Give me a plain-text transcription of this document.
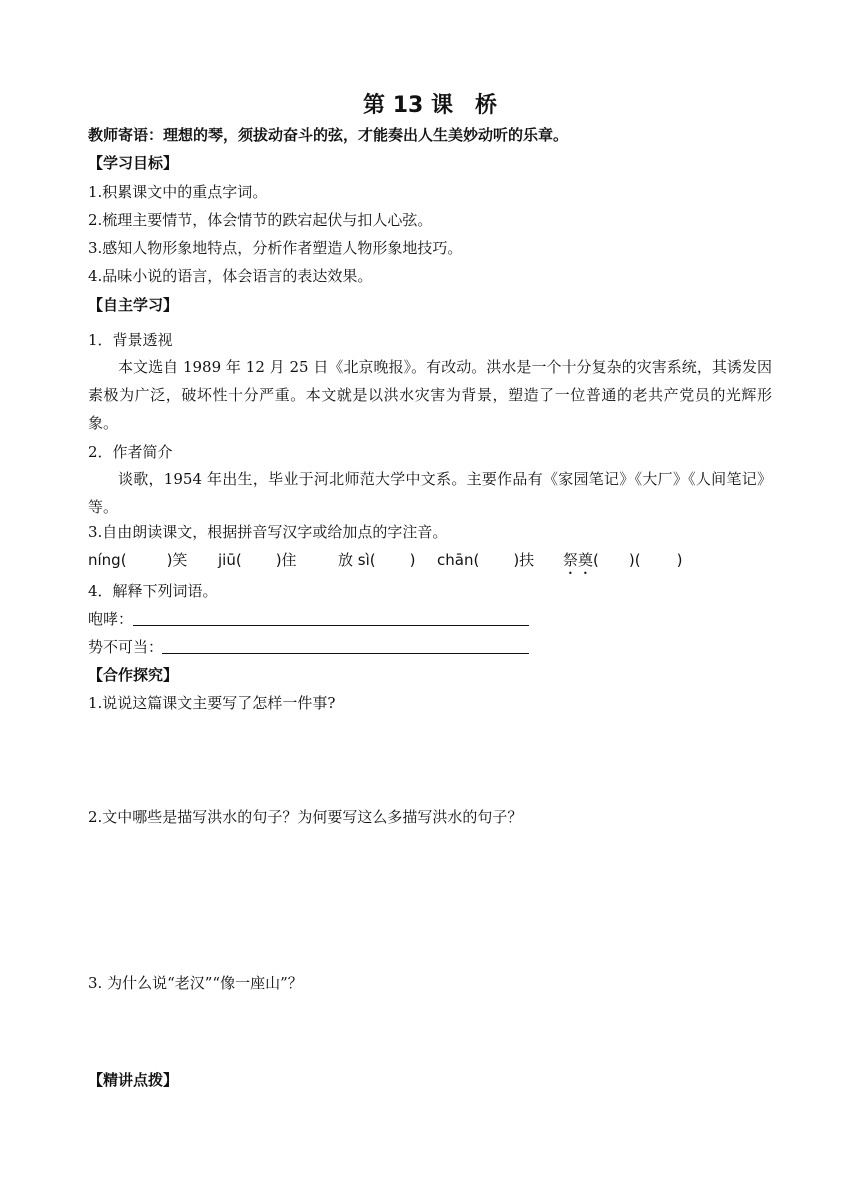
第 13 课　桥
教师寄语：理想的琴，须拔动奋斗的弦，才能奏出人生美妙动听的乐章。
【学习目标】
1.积累课文中的重点字词。
2.梳理主要情节，体会情节的跌宕起伏与扣人心弦。
3.感知人物形象地特点，分析作者塑造人物形象地技巧。
4.品味小说的语言，体会语言的表达效果。
【自主学习】
1．背景透视
本文选自 1989 年 12 月 25 日《北京晚报》。有改动。洪水是一个十分复杂的灾害系统，其诱发因素极为广泛，破坏性十分严重。本文就是以洪水灾害为背景，塑造了一位普通的老共产党员的光辉形象。
2．作者简介
谈歌，1954 年出生，毕业于河北师范大学中文系。主要作品有《家园笔记》《大厂》《人间笔记》等。
3.自由朗读课文，根据拼音写汉字或给加点的字注音。
níng(	)笑 jiū( )住	放 sì( ) chān( )扶 祭奠( )( )
4．解释下列词语。
咆哮：
势不可当：
【合作探究】
1.说说这篇课文主要写了怎样一件事?
2.文中哪些是描写洪水的句子？为何要写这么多描写洪水的句子？
3. 为什么说“老汉”“像一座山”？
【精讲点拨】
